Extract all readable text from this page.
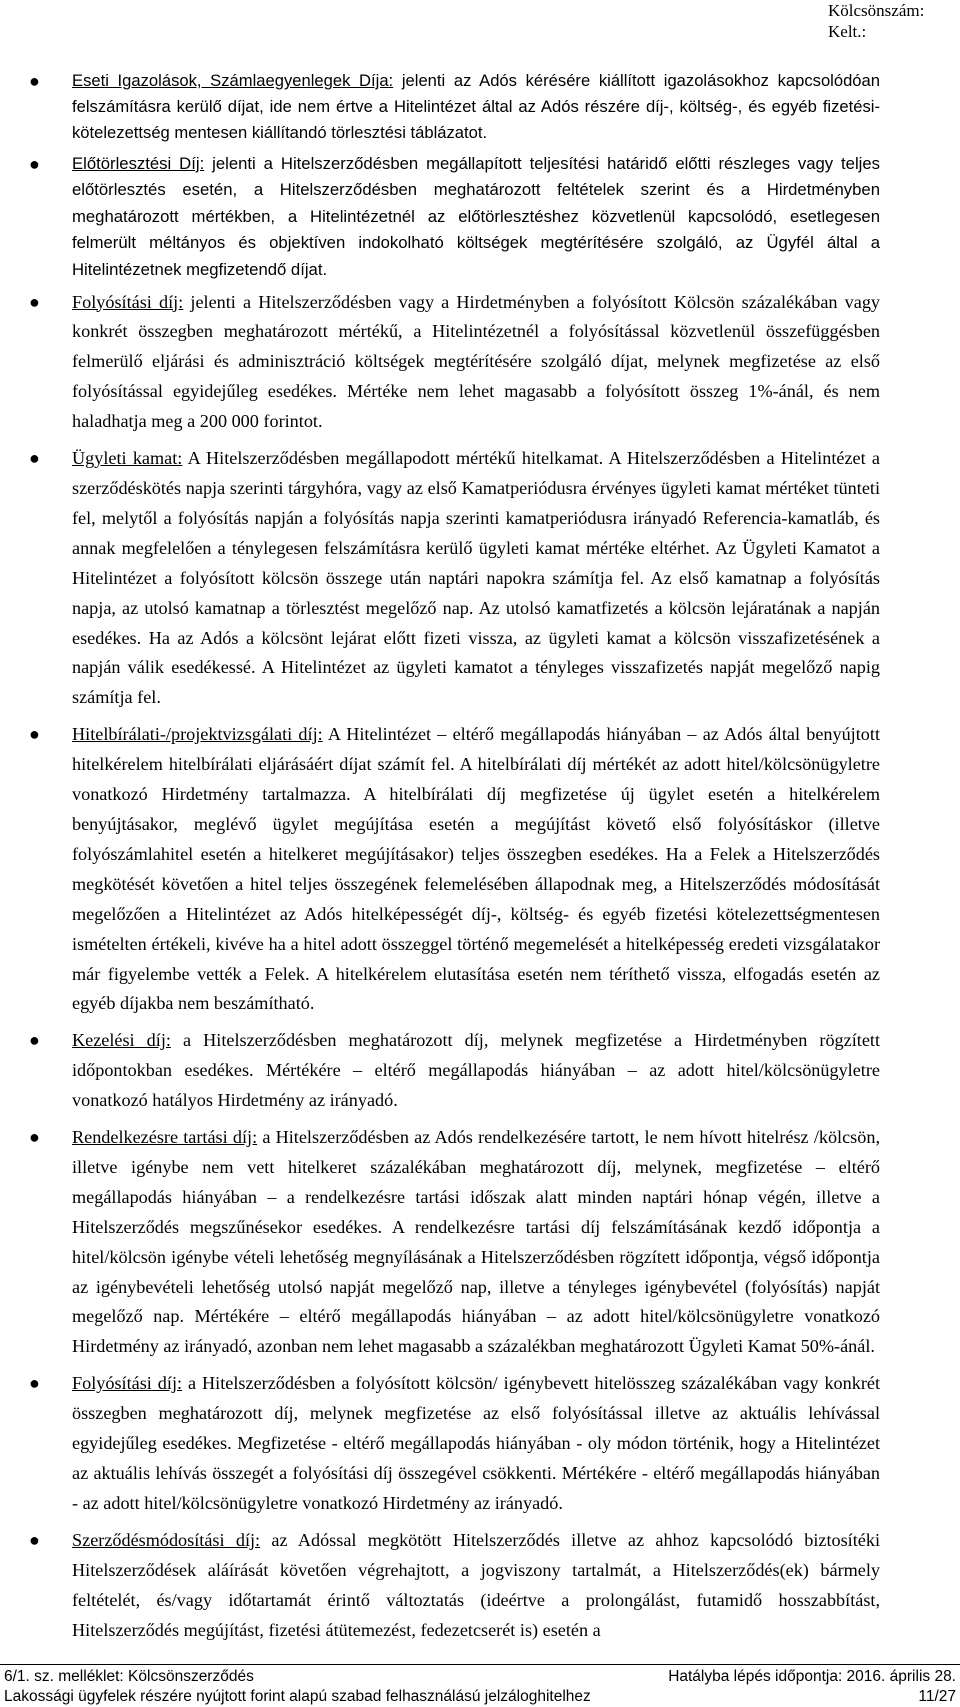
Kölcsönszám:
Kelt.:
● Eseti Igazolások, Számlaegyenlegek Díja: jelenti az Adós kérésére kiállított igazolásokhoz kapcsolódóan felszámításra kerülő díjat, ide nem értve a Hitelintézet által az Adós részére díj-, költség-, és egyéb fizetési-kötelezettség mentesen kiállítandó törlesztési táblázatot.
● Előtörlesztési Díj: jelenti a Hitelszerződésben megállapított teljesítési határidő előtti részleges vagy teljes előtörlesztés esetén, a Hitelszerződésben meghatározott feltételek szerint és a Hirdetményben meghatározott mértékben, a Hitelintézetnél az előtörlesztéshez közvetlenül kapcsolódó, esetlegesen felmerült méltányos és objektíven indokolható költségek megtérítésére szolgáló, az Ügyfél által a Hitelintézetnek megfizetendő díjat.
● Folyósítási díj: jelenti a Hitelszerződésben vagy a Hirdetményben a folyósított Kölcsön százalékában vagy konkrét összegben meghatározott mértékű, a Hitelintézetnél a folyósítással közvetlenül összefüggésben felmerülő eljárási és adminisztráció költségek megtérítésére szolgáló díjat, melynek megfizetése az első folyósítással egyidejűleg esedékes. Mértéke nem lehet magasabb a folyósított összeg 1%-ánál, és nem haladhatja meg a 200 000 forintot.
● Ügyleti kamat: A Hitelszerződésben megállapodott mértékű hitelkamat. A Hitelszerződésben a Hitelintézet a szerződéskötés napja szerinti tárgyhóra, vagy az első Kamatperiódusra érvényes ügyleti kamat mértéket tünteti fel, melytől a folyósítás napján a folyósítás napja szerinti kamatperiódusra irányadó Referencia-kamatláb, és annak megfelelően a ténylegesen felszámításra kerülő ügyleti kamat mértéke eltérhet. Az Ügyleti Kamatot a Hitelintézet a folyósított kölcsön összege után naptári napokra számítja fel. Az első kamatnap a folyósítás napja, az utolsó kamatnap a törlesztést megelőző nap. Az utolsó kamatfizetés a kölcsön lejáratának a napján esedékes. Ha az Adós a kölcsönt lejárat előtt fizeti vissza, az ügyleti kamat a kölcsön visszafizetésének a napján válik esedékessé. A Hitelintézet az ügyleti kamatot a tényleges visszafizetés napját megelőző napig számítja fel.
● Hitelbírálati-/projektvizsgálati díj: A Hitelintézet – eltérő megállapodás hiányában – az Adós által benyújtott hitelkérelem hitelbírálati eljárásáért díjat számít fel. A hitelbírálati díj mértékét az adott hitel/kölcsönügyletre vonatkozó Hirdetmény tartalmazza. A hitelbírálati díj megfizetése új ügylet esetén a hitelkérelem benyújtásakor, meglévő ügylet megújítása esetén a megújítást követő első folyósításkor (illetve folyószámlahitel esetén a hitelkeret megújításakor) teljes összegben esedékes. Ha a Felek a Hitelszerződés megkötését követően a hitel teljes összegének felemelésében állapodnak meg, a Hitelszerződés módosítását megelőzően a Hitelintézet az Adós hitelképességét díj-, költség- és egyéb fizetési kötelezettségmentesen ismételten értékeli, kivéve ha a hitel adott összeggel történő megemelését a hitelképesség eredeti vizsgálatakor már figyelembe vették a Felek. A hitelkérelem elutasítása esetén nem téríthető vissza, elfogadás esetén az egyéb díjakba nem beszámítható.
● Kezelési díj: a Hitelszerződésben meghatározott díj, melynek megfizetése a Hirdetményben rögzített időpontokban esedékes. Mértékére – eltérő megállapodás hiányában – az adott hitel/kölcsönügyletre vonatkozó hatályos Hirdetmény az irányadó.
● Rendelkezésre tartási díj: a Hitelszerződésben az Adós rendelkezésére tartott, le nem hívott hitelrész /kölcsön, illetve igénybe nem vett hitelkeret százalékában meghatározott díj, melynek, megfizetése – eltérő megállapodás hiányában – a rendelkezésre tartási időszak alatt minden naptári hónap végén, illetve a Hitelszerződés megszűnésekor esedékes. A rendelkezésre tartási díj felszámításának kezdő időpontja a hitel/kölcsön igénybe vételi lehetőség megnyílásának a Hitelszerződésben rögzített időpontja, végső időpontja az igénybevételi lehetőség utolsó napját megelőző nap, illetve a tényleges igénybevétel (folyósítás) napját megelőző nap. Mértékére – eltérő megállapodás hiányában – az adott hitel/kölcsönügyletre vonatkozó Hirdetmény az irányadó, azonban nem lehet magasabb a százalékban meghatározott Ügyleti Kamat 50%-ánál.
● Folyósítási díj: a Hitelszerződésben a folyósított kölcsön/ igénybevett hitelösszeg százalékában vagy konkrét összegben meghatározott díj, melynek megfizetése az első folyósítással illetve az aktuális lehívással egyidejűleg esedékes. Megfizetése - eltérő megállapodás hiányában - oly módon történik, hogy a Hitelintézet az aktuális lehívás összegét a folyósítási díj összegével csökkenti. Mértékére - eltérő megállapodás hiányában - az adott hitel/kölcsönügyletre vonatkozó Hirdetmény az irányadó.
● Szerződésmódosítási díj: az Adóssal megkötött Hitelszerződés illetve az ahhoz kapcsolódó biztosítéki Hitelszerződések aláírását követően végrehajtott, a jogviszony tartalmát, a Hitelszerződés(ek) bármely feltételét, és/vagy időtartamát érintő változtatás (ideértve a prolongálást, futamidő hosszabbítást, Hitelszerződés megújítást, fizetési átütemezést, fedezetcserét is) esetén a
6/1. sz. melléklet: Kölcsönszerződés	Hatályba lépés időpontja: 2016. április 28.
Lakossági ügyfelek részére nyújtott forint alapú szabad felhasználású jelzáloghitelhez	11/27
